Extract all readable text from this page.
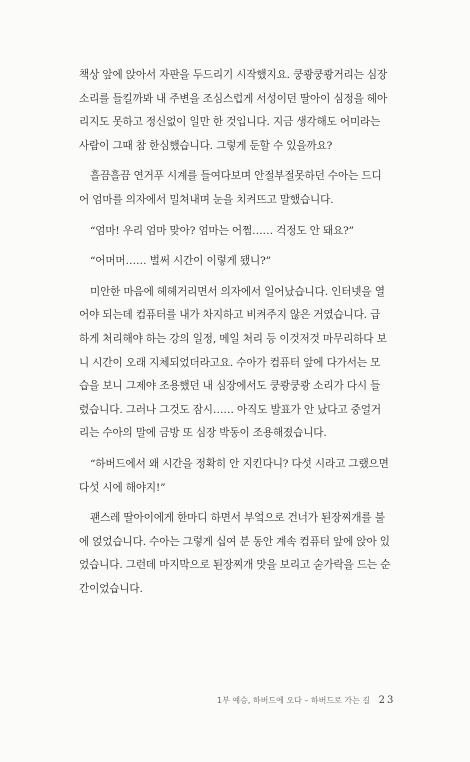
책상 앞에 앉아서 자판을 두드리기 시작했지요. 쿵쾅쿵쾅거리는 심장
소리를 들킬까봐 내 주변을 조심스럽게 서성이던 딸아이 심정을 헤아
리지도 못하고 정신없이 일만 한 것입니다. 지금 생각해도 어미라는
사람이 그때 참 한심했습니다. 그렇게 둔할 수 있을까요?

흘끔흘끔 연거푸 시계를 들여다보며 안절부절못하던 수아는 드디
어 엄마를 의자에서 밀쳐내며 눈을 치켜뜨고 말했습니다.

“엄마! 우리 엄마 맞아? 엄마는 어쩜…… 걱정도 안 돼요?”

“어머머…… 벌써 시간이 이렇게 됐니?”

미안한 마음에 헤헤거리면서 의자에서 일어났습니다. 인터넷을 열
어야 되는데 컴퓨터를 내가 차지하고 비켜주지 않은 거였습니다. 급
하게 처리해야 하는 강의 일정, 메일 처리 등 이것저것 마무리하다 보
니 시간이 오래 지체되었더라고요. 수아가 컴퓨터 앞에 다가서는 모
습을 보니 그제야 조용했던 내 심장에서도 쿵쾅쿵쾅 소리가 다시 들
렸습니다. 그러나 그것도 잠시…… 아직도 발표가 안 났다고 중얼거
리는 수아의 말에 금방 또 심장 박동이 조용해졌습니다.

“하버드에서 왜 시간을 정확히 안 지킨다니? 다섯 시라고 그랬으면
다섯 시에 해야지!”

괜스레 딸아이에게 한마디 하면서 부엌으로 건너가 된장찌개를 불
에 얹었습니다. 수아는 그렇게 십여 분 동안 계속 컴퓨터 앞에 앉아 있
었습니다. 그런데 마지막으로 된장찌개 맛을 보리고 숟가락을 드는 순
간이었습니다.

1부 예승, 하버드에 오다 – 하버드로 가는 길 23
